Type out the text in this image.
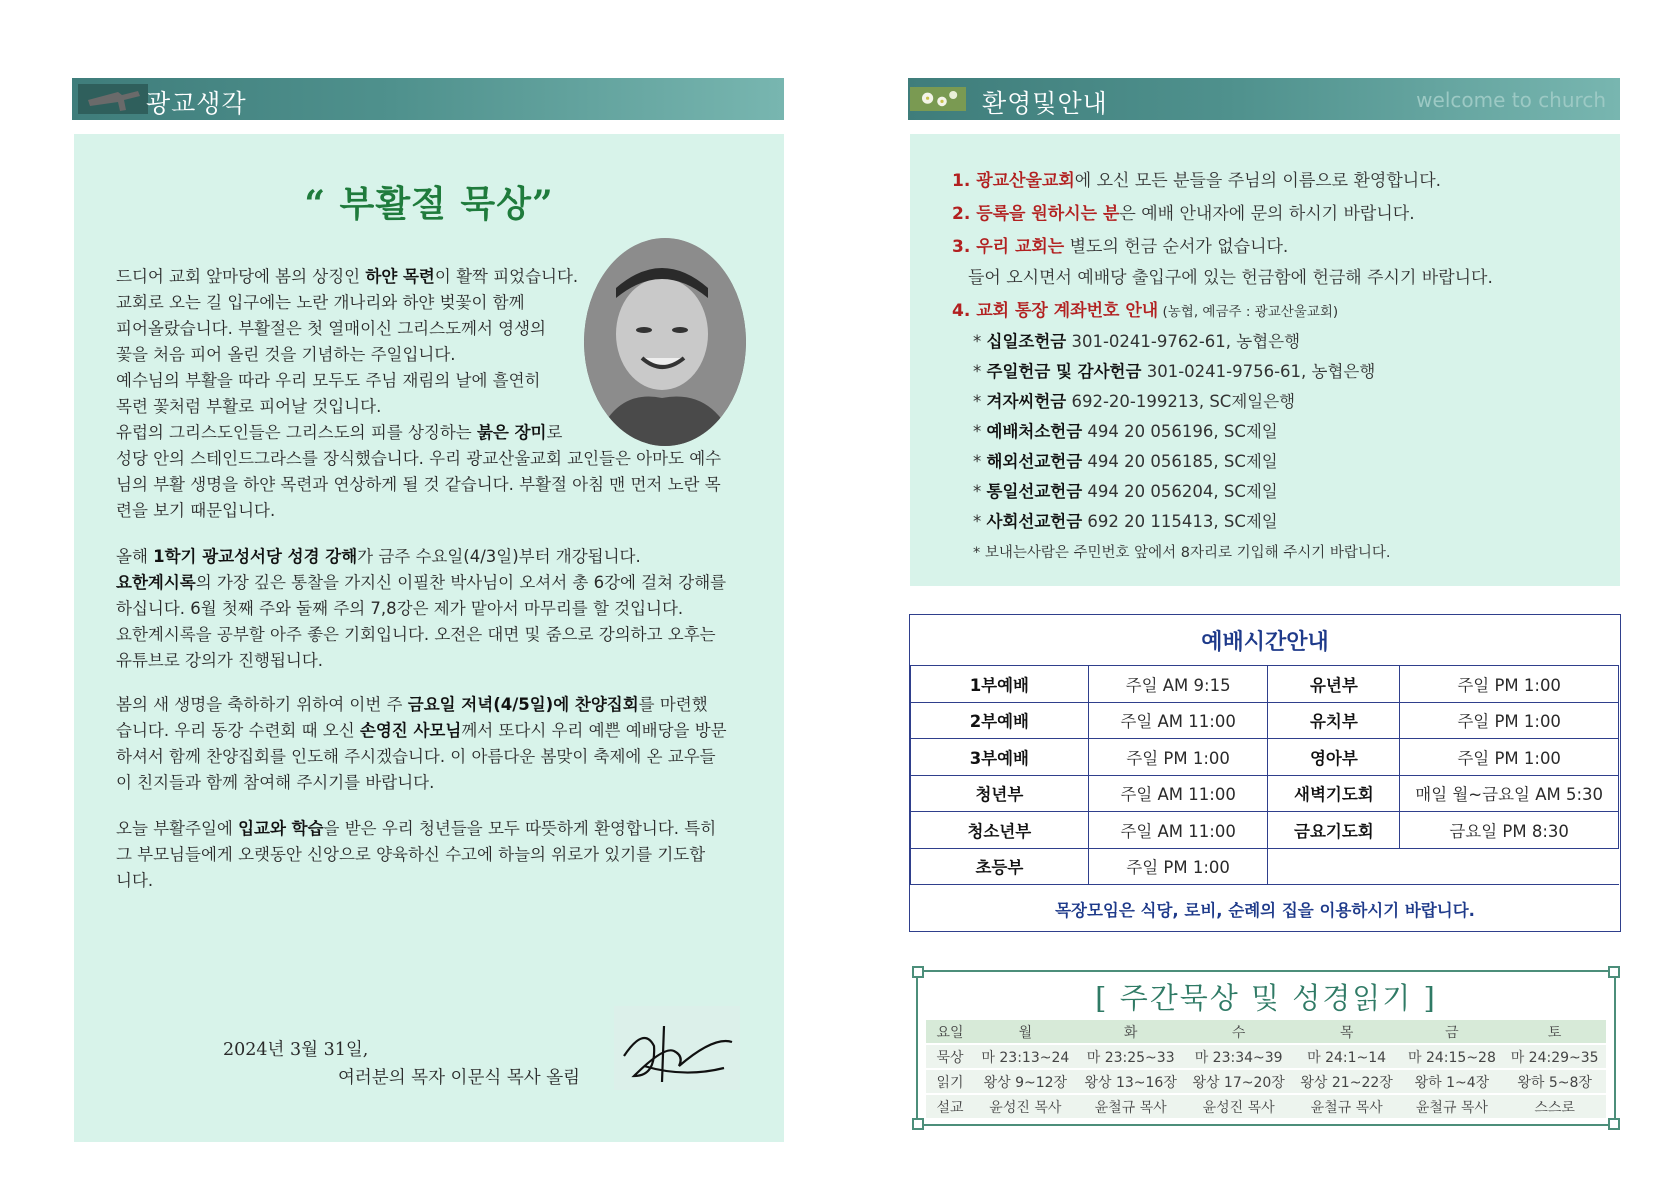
광교생각
“ 부활절 묵상”
드디어 교회 앞마당에 봄의 상징인 하얀 목련이 활짝 피었습니다.
교회로 오는 길 입구에는 노란 개나리와 하얀 벚꽃이 함께
피어올랐습니다. 부활절은 첫 열매이신 그리스도께서 영생의
꽃을 처음 피어 올린 것을 기념하는 주일입니다.
예수님의 부활을 따라 우리 모두도 주님 재림의 날에 흘연히
목련 꽃처럼 부활로 피어날 것입니다.
유럽의 그리스도인들은 그리스도의 피를 상징하는 붉은 장미로
성당 안의 스테인드그라스를 장식했습니다. 우리 광교산울교회 교인들은 아마도 예수
님의 부활 생명을 하얀 목련과 연상하게 될 것 같습니다. 부활절 아침 맨 먼저 노란 목
련을 보기 때문입니다.
올해 1학기 광교성서당 성경 강해가 금주 수요일(4/3일)부터 개강됩니다.
요한계시록의 가장 깊은 통찰을 가지신 이필찬 박사님이 오셔서 총 6강에 걸쳐 강해를
하십니다. 6월 첫째 주와 둘째 주의 7,8강은 제가 맡아서 마무리를 할 것입니다.
요한계시록을 공부할 아주 좋은 기회입니다. 오전은 대면 및 줌으로 강의하고 오후는
유튜브로 강의가 진행됩니다.
봄의 새 생명을 축하하기 위하여 이번 주 금요일 저녁(4/5일)에 찬양집회를 마련했
습니다. 우리 동강 수련회 때 오신 손영진 사모님께서 또다시 우리 예쁜 예배당을 방문
하셔서 함께 찬양집회를 인도해 주시겠습니다. 이 아름다운 봄맞이 축제에 온 교우들
이 친지들과 함께 참여해 주시기를 바랍니다.
오늘 부활주일에 입교와 학습을 받은 우리 청년들을 모두 따뜻하게 환영합니다. 특히
그 부모님들에게 오랫동안 신앙으로 양육하신 수고에 하늘의 위로가 있기를 기도합
니다.
2024년 3월 31일,
여러분의 목자 이문식 목사 올림
환영및안내	welcome to church
1. 광교산울교회에 오신 모든 분들을 주님의 이름으로 환영합니다.
2. 등록을 원하시는 분은 예배 안내자에 문의 하시기 바랍니다.
3. 우리 교회는 별도의 헌금 순서가 없습니다.
들어 오시면서 예배당 출입구에 있는 헌금함에 헌금해 주시기 바랍니다.
4. 교회 통장 계좌번호 안내 (농협, 예금주 : 광교산울교회)
* 십일조헌금 301-0241-9762-61, 농협은행
* 주일헌금 및 감사헌금 301-0241-9756-61, 농협은행
* 겨자씨헌금 692-20-199213, SC제일은행
* 예배처소헌금 494 20 056196, SC제일
* 해외선교헌금 494 20 056185, SC제일
* 통일선교헌금 494 20 056204, SC제일
* 사회선교헌금 692 20 115413, SC제일
* 보내는사람은 주민번호 앞에서 8자리로 기입해 주시기 바랍니다.
예배시간안내
1부예배	주일 AM 9:15	유년부	주일 PM 1:00
2부예배	주일 AM 11:00	유치부	주일 PM 1:00
3부예배	주일 PM 1:00	영아부	주일 PM 1:00
청년부	주일 AM 11:00	새벽기도회	매일 월~금요일 AM 5:30
청소년부	주일 AM 11:00	금요기도회	금요일 PM 8:30
초등부	주일 PM 1:00		
목장모임은 식당, 로비, 순례의 집을 이용하시기 바랍니다.
[ 주간묵상 및 성경읽기 ]
요일	월	화	수	목	금	토
묵상	마 23:13~24	마 23:25~33	마 23:34~39	마 24:1~14	마 24:15~28	마 24:29~35
읽기	왕상 9~12장	왕상 13~16장	왕상 17~20장	왕상 21~22장	왕하 1~4장	왕하 5~8장
설교	윤성진 목사	윤철규 목사	윤성진 목사	윤철규 목사	윤철규 목사	스스로
